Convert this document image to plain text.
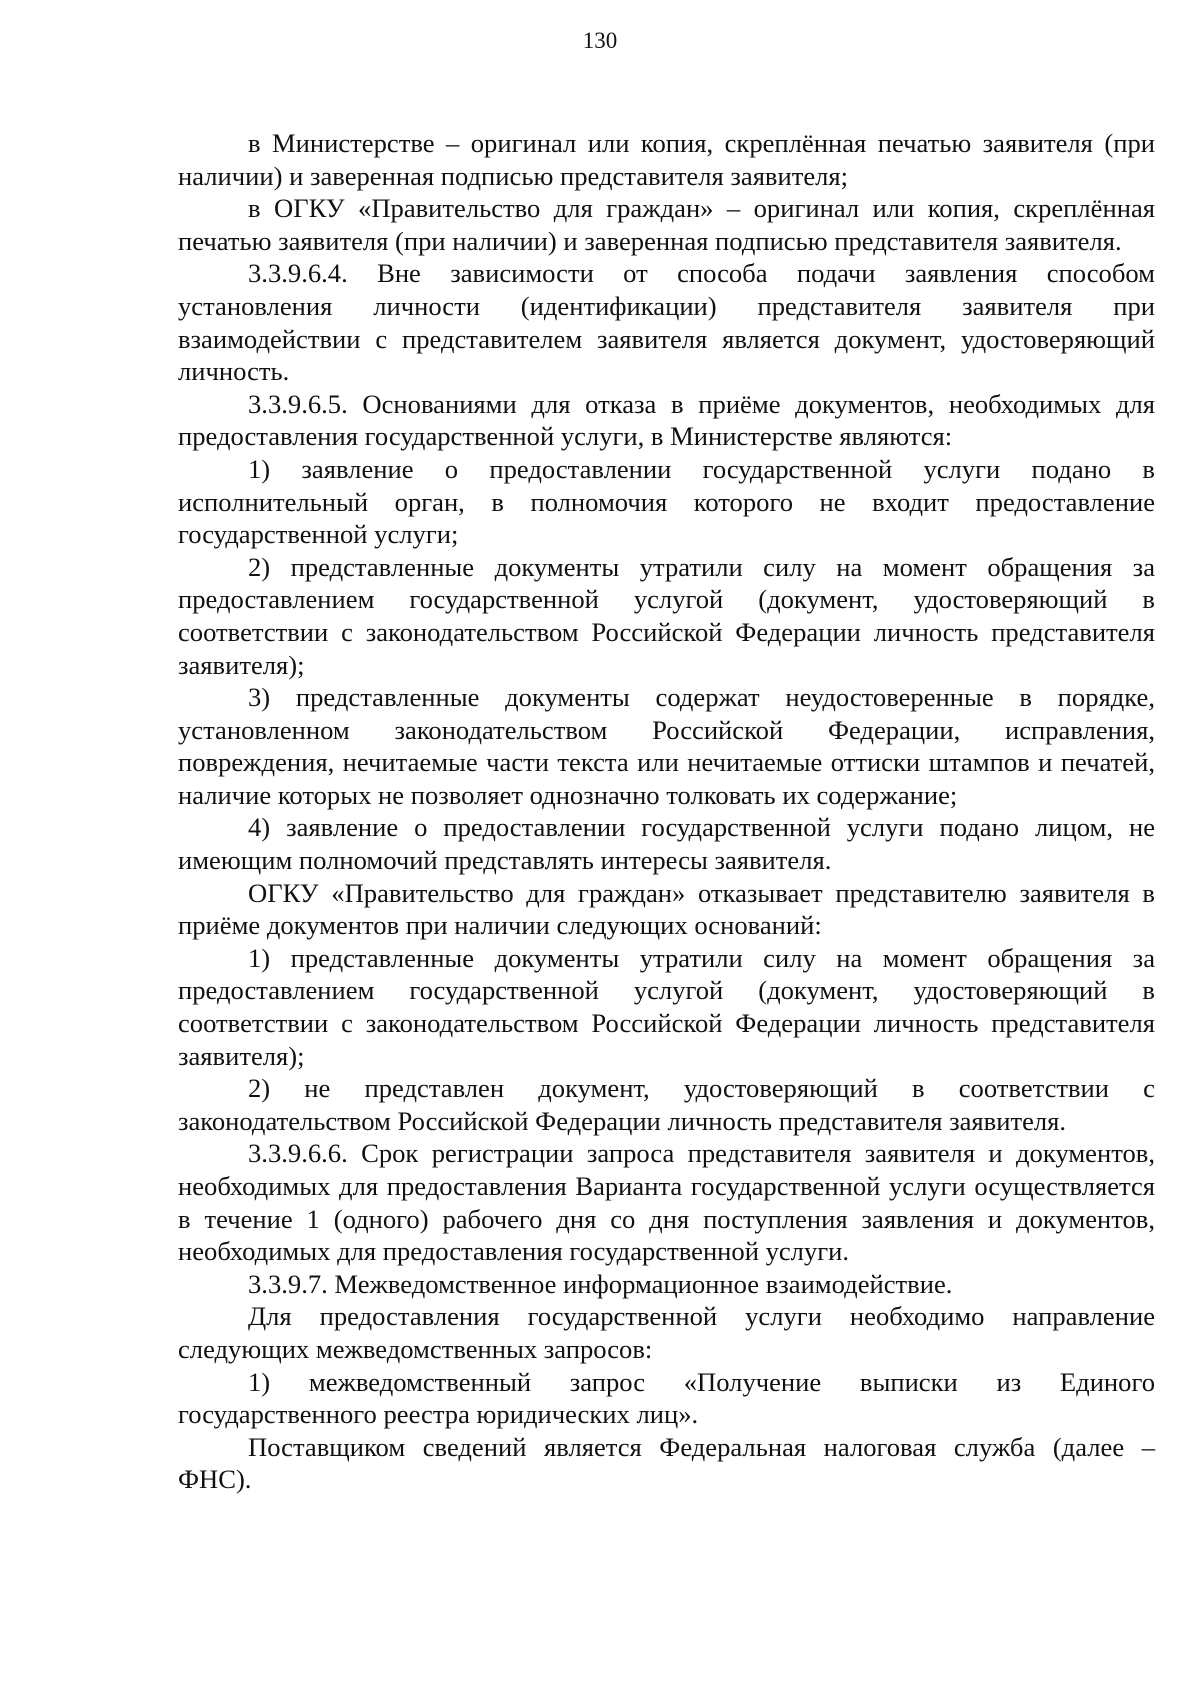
130

в Министерстве – оригинал или копия, скреплённая печатью заявителя (при наличии) и заверенная подписью представителя заявителя;

в ОГКУ «Правительство для граждан» – оригинал или копия, скреплённая печатью заявителя (при наличии) и заверенная подписью представителя заявителя.

3.3.9.6.4. Вне зависимости от способа подачи заявления способом установления личности (идентификации) представителя заявителя при взаимодействии с представителем заявителя является документ, удостоверяющий личность.

3.3.9.6.5. Основаниями для отказа в приёме документов, необходимых для предоставления государственной услуги, в Министерстве являются:

1) заявление о предоставлении государственной услуги подано в исполнительный орган, в полномочия которого не входит предоставление государственной услуги;

2) представленные документы утратили силу на момент обращения за предоставлением государственной услугой (документ, удостоверяющий в соответствии с законодательством Российской Федерации личность представителя заявителя);

3) представленные документы содержат неудостоверенные в порядке, установленном законодательством Российской Федерации, исправления, повреждения, нечитаемые части текста или нечитаемые оттиски штампов и печатей, наличие которых не позволяет однозначно толковать их содержание;

4) заявление о предоставлении государственной услуги подано лицом, не имеющим полномочий представлять интересы заявителя.

ОГКУ «Правительство для граждан» отказывает представителю заявителя в приёме документов при наличии следующих оснований:

1) представленные документы утратили силу на момент обращения за предоставлением государственной услугой (документ, удостоверяющий в соответствии с законодательством Российской Федерации личность представителя заявителя);

2) не представлен документ, удостоверяющий в соответствии с законодательством Российской Федерации личность представителя заявителя.

3.3.9.6.6. Срок регистрации запроса представителя заявителя и документов, необходимых для предоставления Варианта государственной услуги осуществляется в течение 1 (одного) рабочего дня со дня поступления заявления и документов, необходимых для предоставления государственной услуги.

3.3.9.7. Межведомственное информационное взаимодействие.

Для предоставления государственной услуги необходимо направление следующих межведомственных запросов:

1) межведомственный запрос «Получение выписки из Единого государственного реестра юридических лиц».

Поставщиком сведений является Федеральная налоговая служба (далее – ФНС).
